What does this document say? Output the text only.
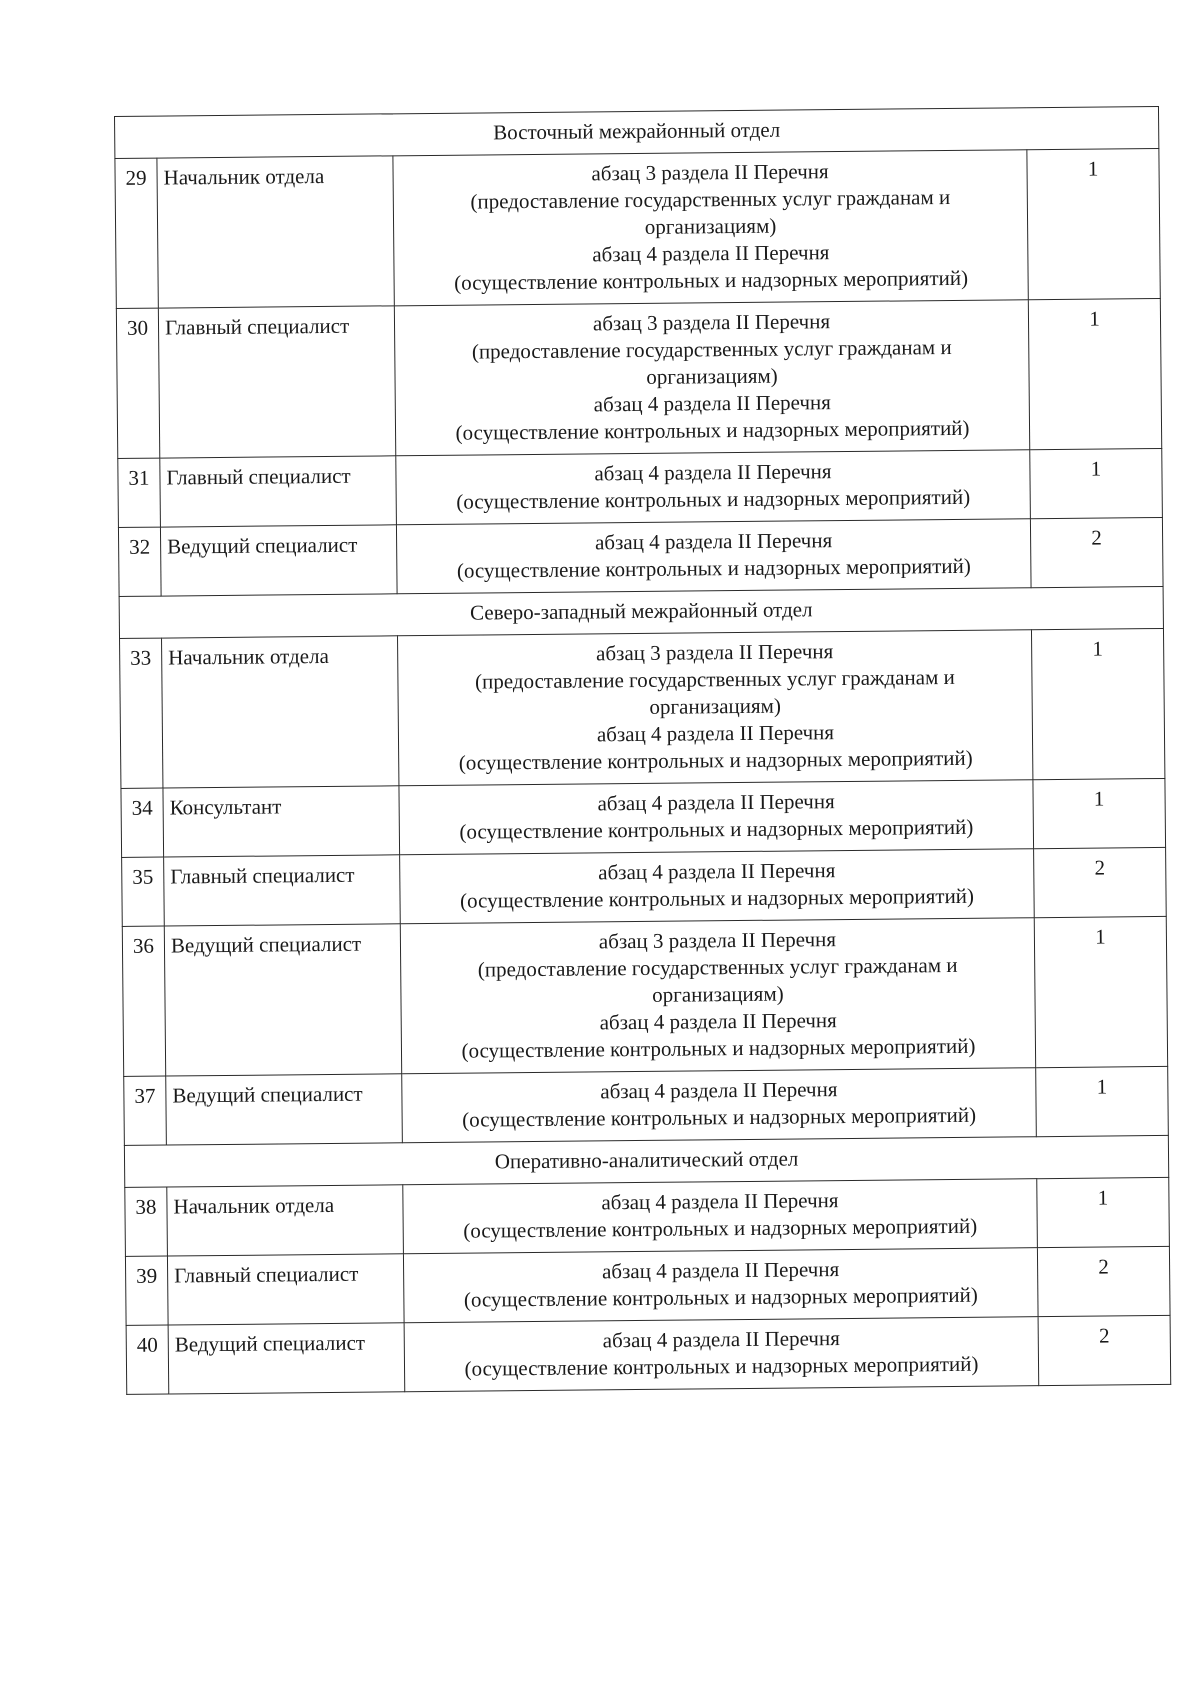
Восточный межрайонный отдел			
29	Начальник отдела	абзац 3 раздела II Перечня
(предоставление государственных услуг гражданам и
организациям)
абзац 4 раздела II Перечня
(осуществление контрольных и надзорных мероприятий)	1
30	Главный специалист	абзац 3 раздела II Перечня
(предоставление государственных услуг гражданам и
организациям)
абзац 4 раздела II Перечня
(осуществление контрольных и надзорных мероприятий)	1
31	Главный специалист	абзац 4 раздела II Перечня
(осуществление контрольных и надзорных мероприятий)	1
32	Ведущий специалист	абзац 4 раздела II Перечня
(осуществление контрольных и надзорных мероприятий)	2
Северо-западный межрайонный отдел			
33	Начальник отдела	абзац 3 раздела II Перечня
(предоставление государственных услуг гражданам и
организациям)
абзац 4 раздела II Перечня
(осуществление контрольных и надзорных мероприятий)	1
34	Консультант	абзац 4 раздела II Перечня
(осуществление контрольных и надзорных мероприятий)	1
35	Главный специалист	абзац 4 раздела II Перечня
(осуществление контрольных и надзорных мероприятий)	2
36	Ведущий специалист	абзац 3 раздела II Перечня
(предоставление государственных услуг гражданам и
организациям)
абзац 4 раздела II Перечня
(осуществление контрольных и надзорных мероприятий)	1
37	Ведущий специалист	абзац 4 раздела II Перечня
(осуществление контрольных и надзорных мероприятий)	1
Оперативно-аналитический отдел			
38	Начальник отдела	абзац 4 раздела II Перечня
(осуществление контрольных и надзорных мероприятий)	1
39	Главный специалист	абзац 4 раздела II Перечня
(осуществление контрольных и надзорных мероприятий)	2
40	Ведущий специалист	абзац 4 раздела II Перечня
(осуществление контрольных и надзорных мероприятий)	2
